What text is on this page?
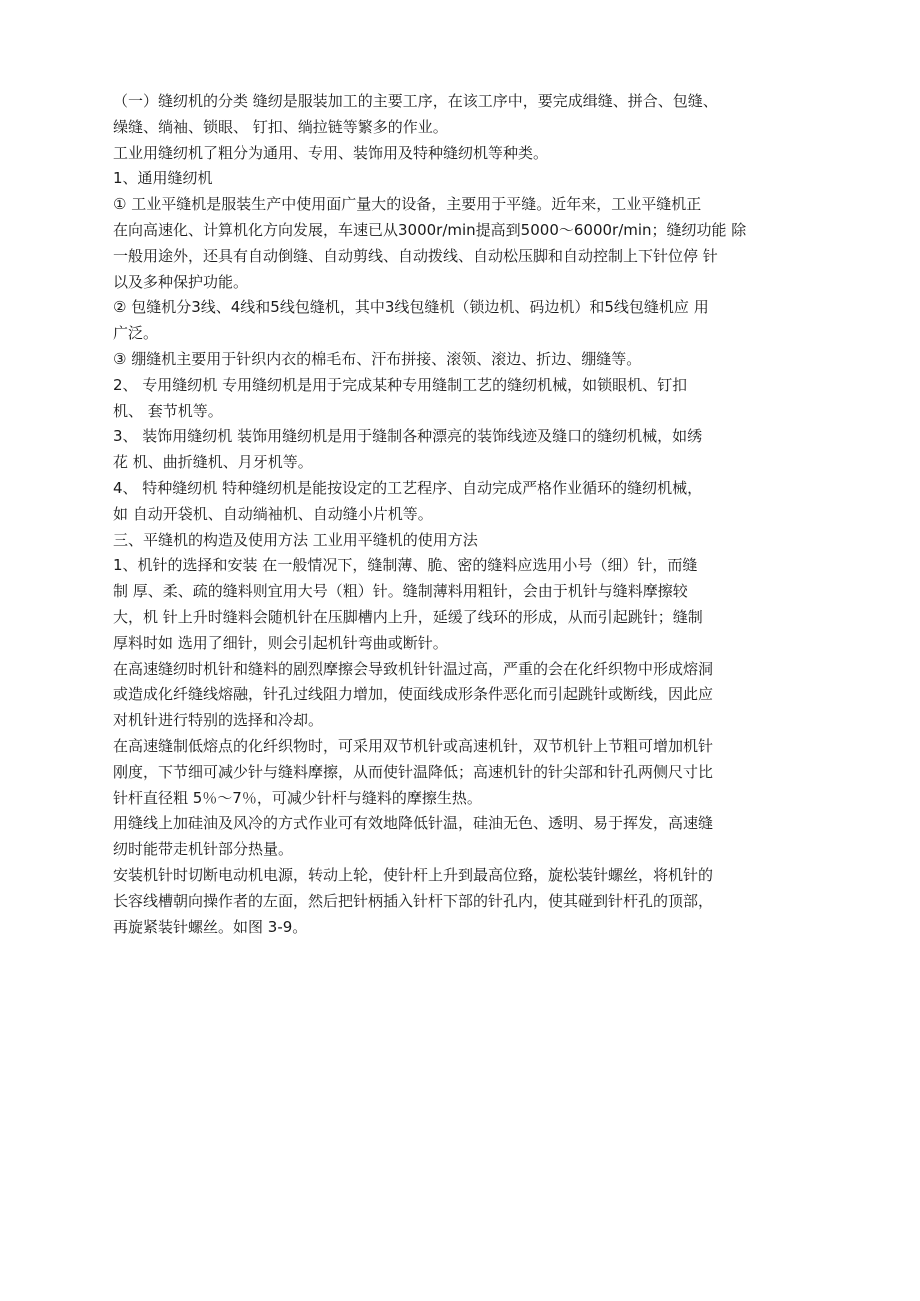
（一）缝纫机的分类 缝纫是服装加工的主要工序，在该工序中，要完成缉缝、拼合、包缝、
缲缝、绱袖、锁眼、 钉扣、绱拉链等繁多的作业。
工业用缝纫机了粗分为通用、专用、装饰用及特种缝纫机等种类。
1、通用缝纫机
① 工业平缝机是服装生产中使用面广量大的设备，主要用于平缝。近年来，工业平缝机正
在向高速化、计算机化方向发展，车速已从3000r/min提高到5000～6000r/min；缝纫功能 除
一般用途外，还具有自动倒缝、自动剪线、自动拨线、自动松压脚和自动控制上下针位停 针
以及多种保护功能。
② 包缝机分3线、4线和5线包缝机，其中3线包缝机（锁边机、码边机）和5线包缝机应 用
广泛。
③ 绷缝机主要用于针织内衣的棉毛布、汗布拼接、滚领、滚边、折边、绷缝等。
2、 专用缝纫机 专用缝纫机是用于完成某种专用缝制工艺的缝纫机械，如锁眼机、钉扣
机、 套节机等。
3、 装饰用缝纫机 装饰用缝纫机是用于缝制各种漂亮的装饰线迹及缝口的缝纫机械，如绣
花 机、曲折缝机、月牙机等。
4、 特种缝纫机 特种缝纫机是能按设定的工艺程序、自动完成严格作业循环的缝纫机械，
如 自动开袋机、自动绱袖机、自动缝小片机等。
三、平缝机的构造及使用方法 工业用平缝机的使用方法
1、机针的选择和安装 在一般情况下，缝制薄、脆、密的缝料应选用小号（细）针，而缝
制 厚、柔、疏的缝料则宜用大号（粗）针。缝制薄料用粗针，会由于机针与缝料摩擦较
大，机 针上升时缝料会随机针在压脚槽内上升，延缓了线环的形成，从而引起跳针；缝制
厚料时如 选用了细针，则会引起机针弯曲或断针。
在高速缝纫时机针和缝料的剧烈摩擦会导致机针针温过高，严重的会在化纤织物中形成熔洞
或造成化纤缝线熔融，针孔过线阻力增加，使面线成形条件恶化而引起跳针或断线，因此应
对机针进行特别的选择和冷却。
在高速缝制低熔点的化纤织物时，可采用双节机针或高速机针，双节机针上节粗可增加机针
刚度，下节细可减少针与缝料摩擦，从而使针温降低；高速机针的针尖部和针孔两侧尺寸比
针杆直径粗 5％～7％，可减少针杆与缝料的摩擦生热。
用缝线上加硅油及风冷的方式作业可有效地降低针温，硅油无色、透明、易于挥发，高速缝
纫时能带走机针部分热量。
安装机针时切断电动机电源，转动上轮，使针杆上升到最高位臵，旋松装针螺丝，将机针的
长容线槽朝向操作者的左面，然后把针柄插入针杆下部的针孔内，使其碰到针杆孔的顶部，
再旋紧装针螺丝。如图 3-9。
